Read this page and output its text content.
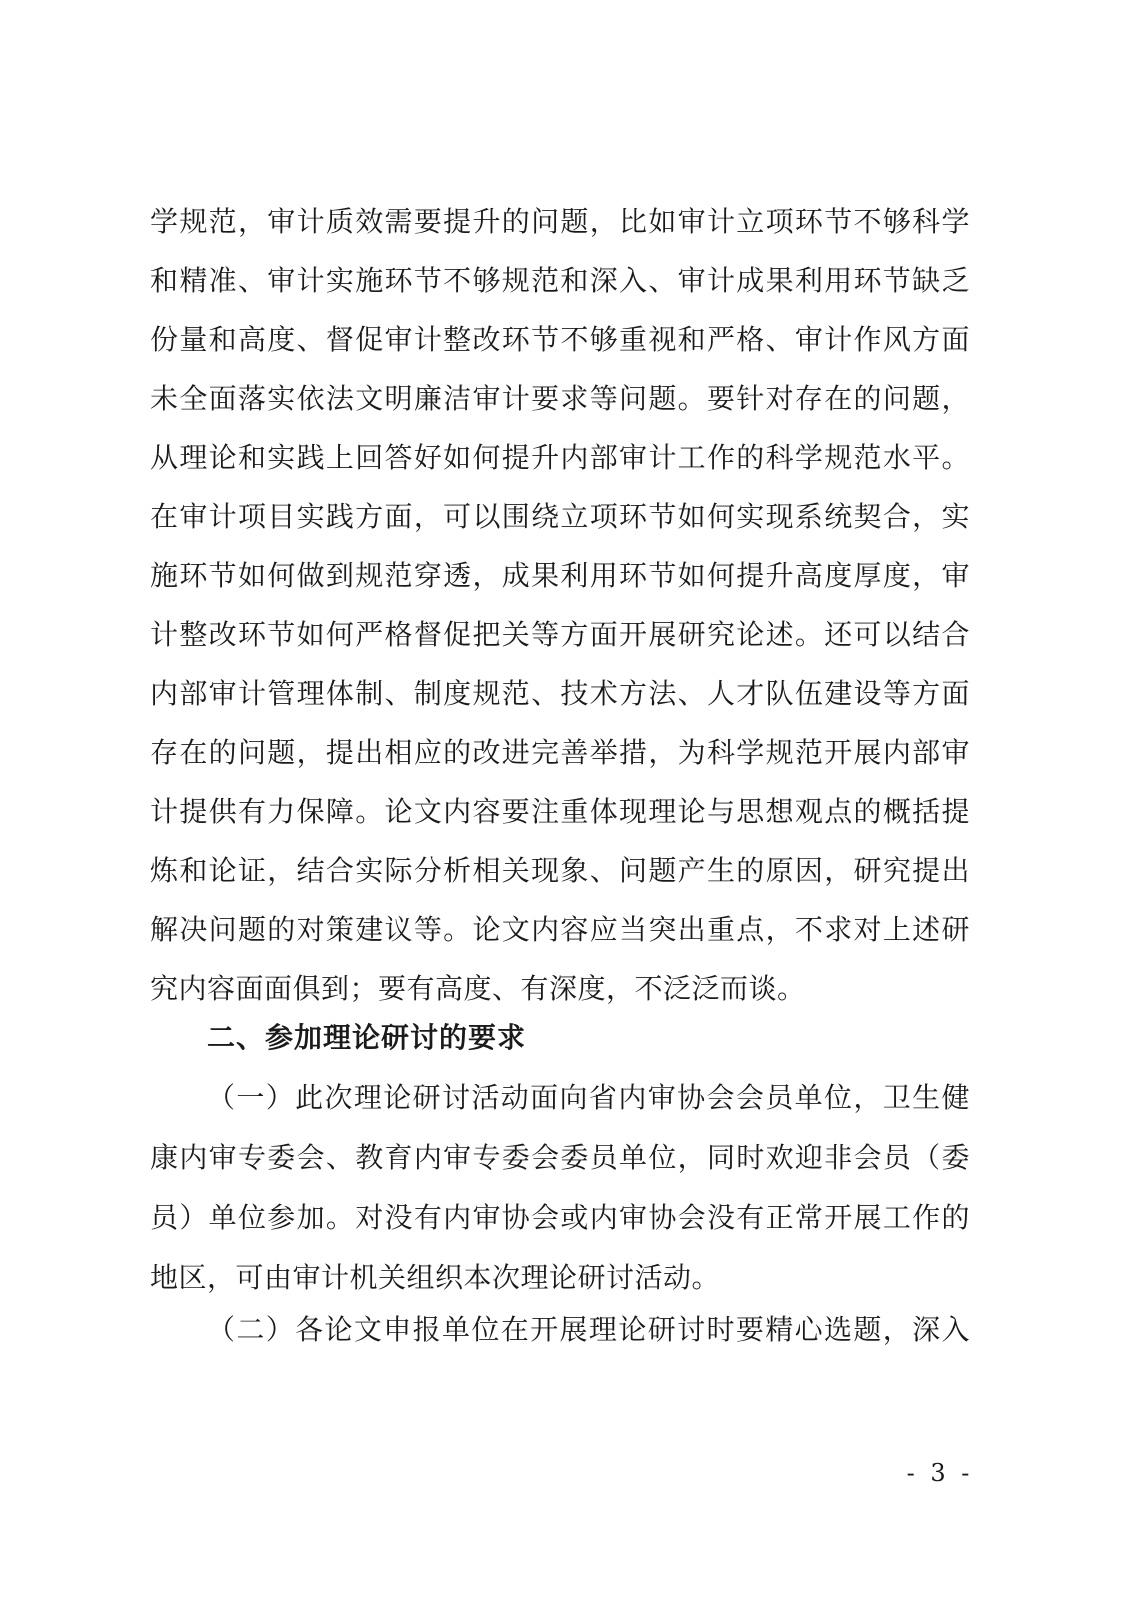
学规范，审计质效需要提升的问题，比如审计立项环节不够科学
和精准、审计实施环节不够规范和深入、审计成果利用环节缺乏
份量和高度、督促审计整改环节不够重视和严格、审计作风方面
未全面落实依法文明廉洁审计要求等问题。要针对存在的问题，
从理论和实践上回答好如何提升内部审计工作的科学规范水平。
在审计项目实践方面，可以围绕立项环节如何实现系统契合，实
施环节如何做到规范穿透，成果利用环节如何提升高度厚度，审
计整改环节如何严格督促把关等方面开展研究论述。还可以结合
内部审计管理体制、制度规范、技术方法、人才队伍建设等方面
存在的问题，提出相应的改进完善举措，为科学规范开展内部审
计提供有力保障。论文内容要注重体现理论与思想观点的概括提
炼和论证，结合实际分析相关现象、问题产生的原因，研究提出
解决问题的对策建议等。论文内容应当突出重点，不求对上述研
究内容面面俱到；要有高度、有深度，不泛泛而谈。
二、参加理论研讨的要求
（一）此次理论研讨活动面向省内审协会会员单位，卫生健
康内审专委会、教育内审专委会委员单位，同时欢迎非会员（委
员）单位参加。对没有内审协会或内审协会没有正常开展工作的
地区，可由审计机关组织本次理论研讨活动。
（二）各论文申报单位在开展理论研讨时要精心选题，深入
- 3 -
